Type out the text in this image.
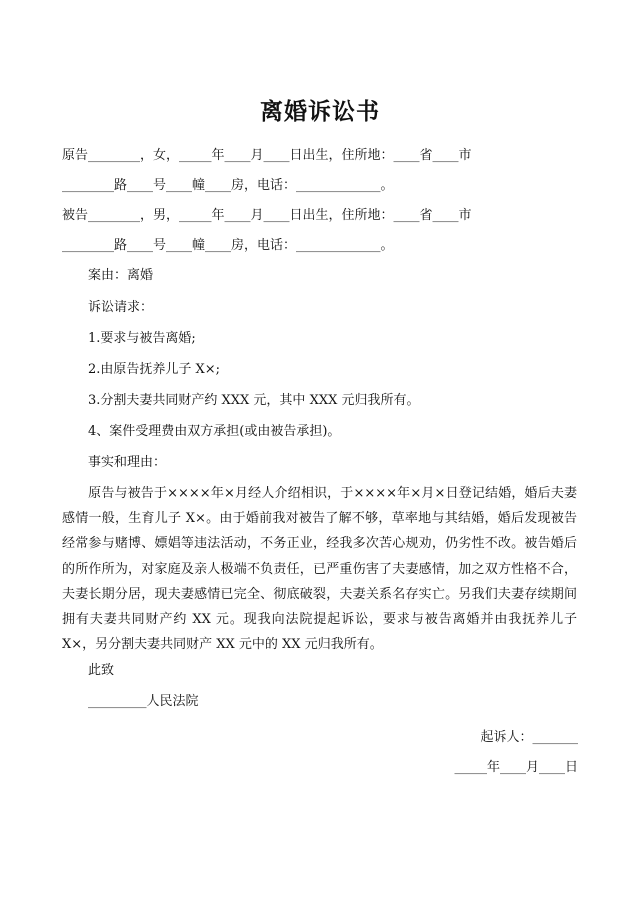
离婚诉讼书
原告________，女，_____年____月____日出生，住所地：____省____市
________路____号____幢____房，电话：_____________。
被告________，男，_____年____月____日出生，住所地：____省____市
________路____号____幢____房，电话：_____________。
案由：离婚
诉讼请求：
1.要求与被告离婚;
2.由原告抚养儿子 X×;
3.分割夫妻共同财产约 XXX 元，其中 XXX 元归我所有。
4、案件受理费由双方承担(或由被告承担)。
事实和理由：
原告与被告于××××年×月经人介绍相识，于××××年×月×日登记结婚，婚后夫妻感情一般，生育儿子 X×。由于婚前我对被告了解不够，草率地与其结婚，婚后发现被告经常参与赌博、嫖娼等违法活动，不务正业，经我多次苦心规劝，仍劣性不改。被告婚后的所作所为，对家庭及亲人极端不负责任，已严重伤害了夫妻感情，加之双方性格不合，夫妻长期分居，现夫妻感情已完全、彻底破裂，夫妻关系名存实亡。另我们夫妻存续期间拥有夫妻共同财产约 XX 元。现我向法院提起诉讼，要求与被告离婚并由我抚养儿子 X×，另分割夫妻共同财产 XX 元中的 XX 元归我所有。
此致
_________人民法院
起诉人：_______
_____年____月____日
